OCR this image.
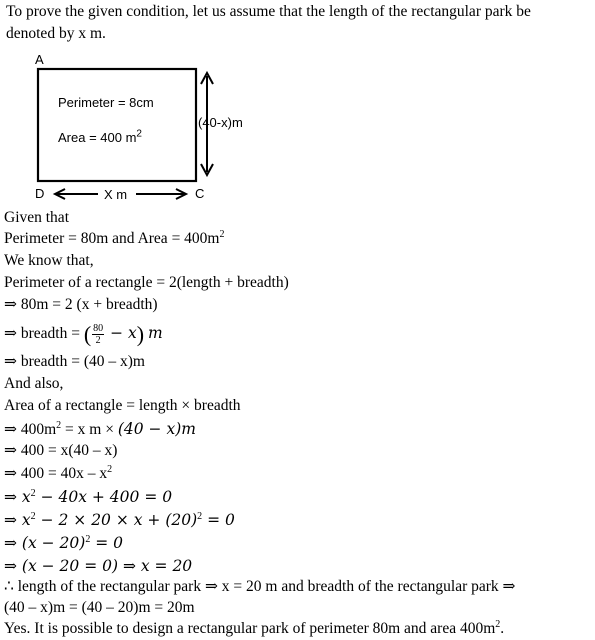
To prove the given condition, let us assume that the length of the rectangular park be
denoted by x m.
A
D	C
Perimeter = 8cm
Area = 400 $m^2$
(40-x)m
X m
Given that
Perimeter = 80m and Area = $400m^2$
We know that,
Perimeter of a rectangle = 2(length + breadth)
⇒ 80m = 2 (x + breadth)
⇒ breadth = ( $\frac{80}{2} - x$) m
⇒ breadth = (40 – x)m
And also,
Area of a rectangle = length × breadth
⇒ $400m^2 = x$ m × (40 − x)m
⇒ 400 = x(40 – x)
⇒ $400 = 40x - x^2$
⇒ $x^2 - 40x + 400 = 0$
⇒ $x^2 - 2 \times 20 \times x + (20)^2 = 0$
⇒ $(x - 20)^2 = 0$
⇒ (x − 20 = 0) ⇒ x = 20
∴ length of the rectangular park ⇒ x = 20 m and breadth of the rectangular park ⇒
(40 – x)m = (40 – 20)m = 20m
Yes. It is possible to design a rectangular park of perimeter 80m and area $400m^2$.
